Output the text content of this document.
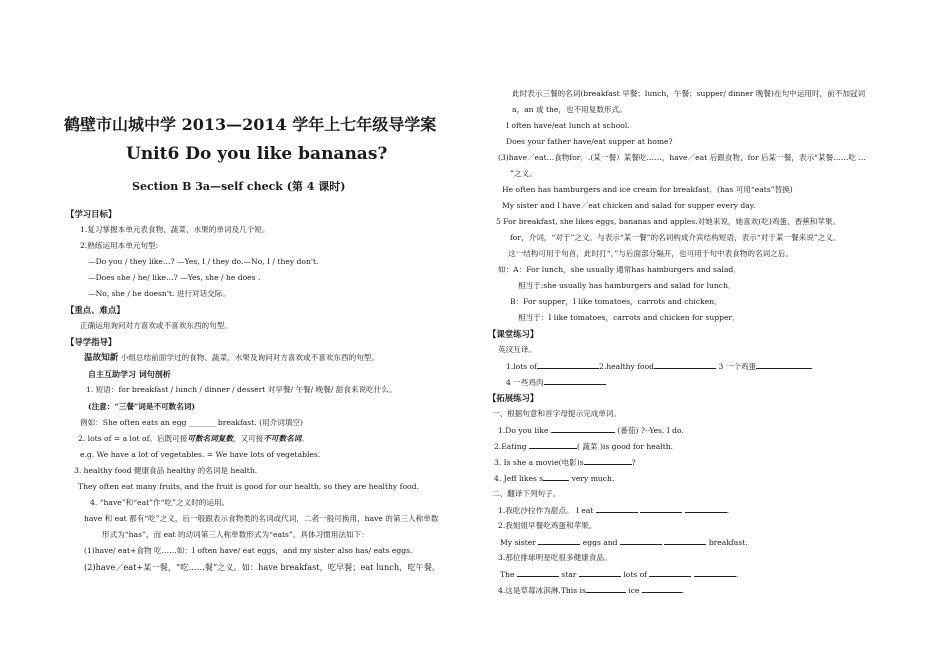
鹤壁市山城中学 2013—2014 学年上七年级导学案
Unit6 Do you like bananas?
Section B 3a—self check (第 4 课时)
【学习目标】
1.复习掌握本单元表食物、蔬菜、水果的单词及几个短。
2.熟练运用本单元句型:
—Do you / they like…? —Yes, I / they do.—No, I / they don't.
—Does she / he/ like…? —Yes, she / he does .
—No, she / he doesn't. 进行对话交际。
【重点、难点】
正确运用询问对方喜欢或不喜欢东西的句型。
【导学指导】
温故知新 小组总结前面学过的食物、蔬菜、水果及询问对方喜欢或不喜欢东西的句型。
自主互助学习 词句剖析
1. 短语：for breakfast / lunch / dinner / dessert 对早餐/ 午餐/ 晚餐/ 甜食来说吃什么。
(注意：“三餐”词是不可数名词)
例如：She often eats an egg _______ breakfast. (用介词填空)
2. lots of = a lot of。后既可接可数名词复数，又可接不可数名词。
e.g. We have a lot of vegetables. = We have lots of vegetables.
3. healthy food 健康食品 healthy 的名词是 health.
They often eat many fruits, and the fruit is good for our health, so they are healthy food.
4. “have”和“eat”作“吃”之义时的运用。
have 和 eat 都有“吃”之义，后一般跟表示食物类的名词或代词，二者一般可换用，have 的第三人称单数
形式为“has”，而 eat 的动词第三人称单数形式为“eats”。具体习惯用法如下：
(1)have/ eat+食物 吃……如：I often have/ eat eggs，and my sister also has/ eats eggs.
(2)have／eat+某一餐，“吃……餐”之义。如：have breakfast，吃早餐；eat lunch，吃午餐。
此时表示三餐的名词(breakfast 早餐；lunch，午餐；supper/ dinner 晚餐)在句中运用时，前不加冠词
a，an 或 the，也不用复数形式。
I often have/eat lunch at school.
Does your father have/eat supper at home?
(3)have／eat…食物for．.(某一餐）某餐吃……，have／eat 后跟食物，for 后某一餐，表示“某餐……吃 …
”之义。
He often has hamburgers and ice cream for breakfast．(has 可用“eats”替换)
My sister and I have／eat chicken and salad for supper every day.
5 For breakfast, she likes eggs, bananas and apples.对她来说，她喜欢(吃)鸡蛋、香蕉和苹果。
for，介词，“对于”之义。与表示“某一餐”的名词构成介宾结构短语，表示“对于某一餐来说”之义。
这一结构可用于句首，此时打“，”与后面部分隔开，也可用于句中表食物的名词之后。
如：A：For lunch，she usually 通常has hamburgers and salad．
相当于:she usually has hamburgers and salad for lunch．
B：For supper，I like tomatoes，carrots and chicken．
相当于：I like tomatoes，carrots and chicken for supper．
【课堂练习】
英汉互译。
1.lots of	2.healthy food	3 一个鸡蛋
4 一些鸡肉
【拓展练习】
一、根据句意和首字母提示完成单词。
1.Do you like	(番茄) ?--Yes, I do.
2.Eating	( 蔬菜 )is good for health.
3. Is she a movie(电影)s	?
4. Jeff likes s	very much.
二、翻译下列句子。
1.我吃沙拉作为甜点。 I eat	.
2.我姐姐早餐吃鸡蛋和苹果。
My sister	eggs and	breakfast.
3.那位排球明星吃很多健康食品。
The	star	lots of	.
4.这是草莓冰淇淋.This is	ice	.
